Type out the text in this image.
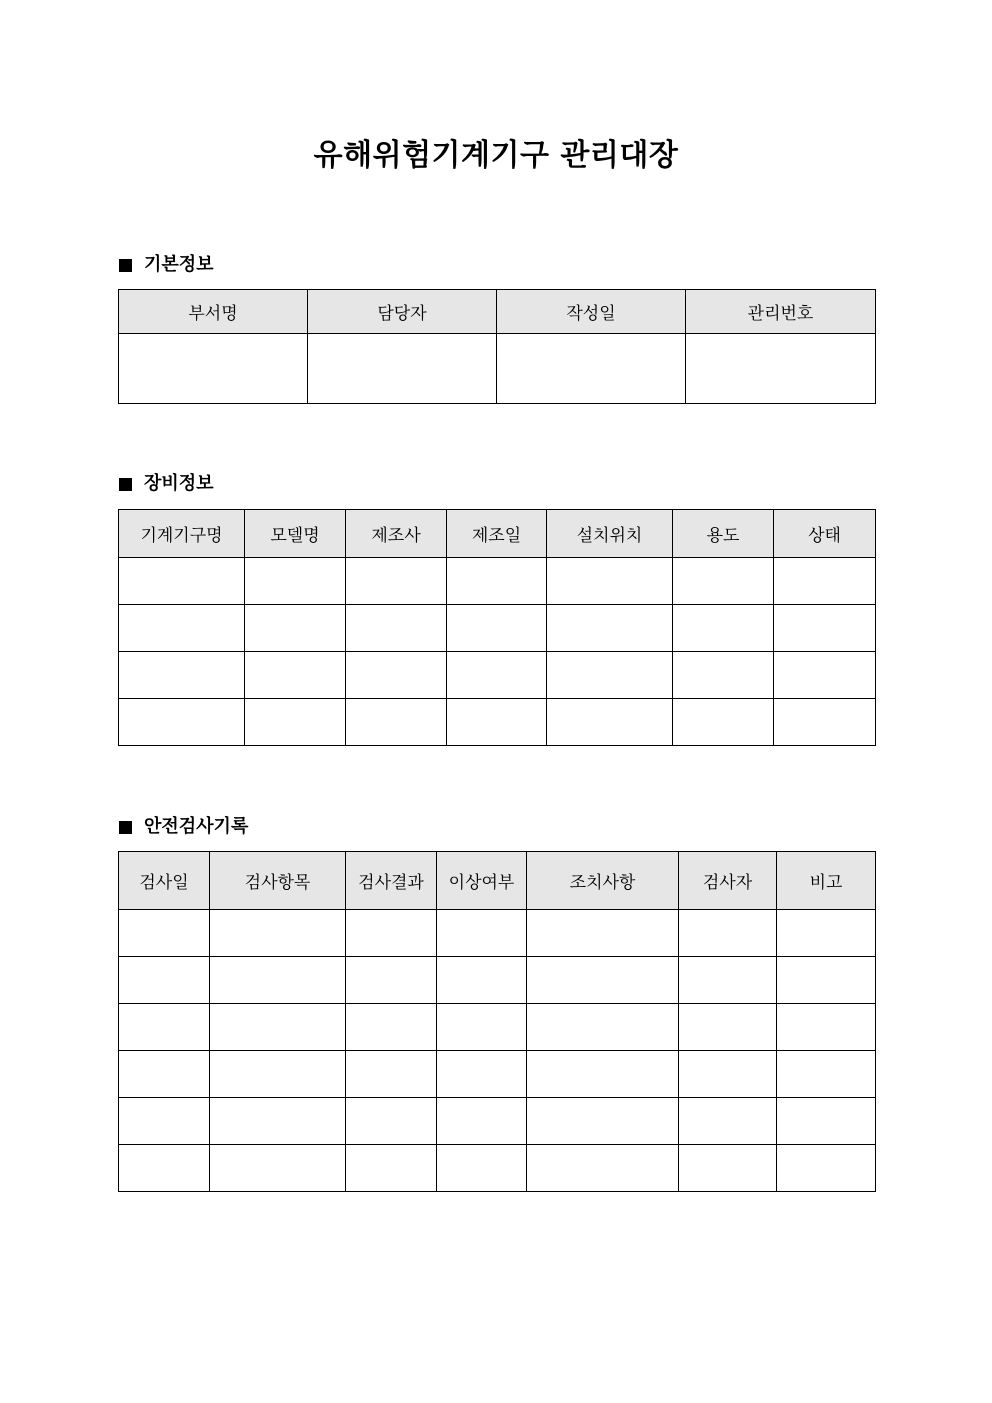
유해위험기계기구 관리대장
기본정보
부서명	담당자	작성일	관리번호

장비정보
기계기구명	모델명	제조사	제조일	설치위치	용도	상태

안전검사기록
검사일	검사항목	검사결과	이상여부	조치사항	검사자	비고
